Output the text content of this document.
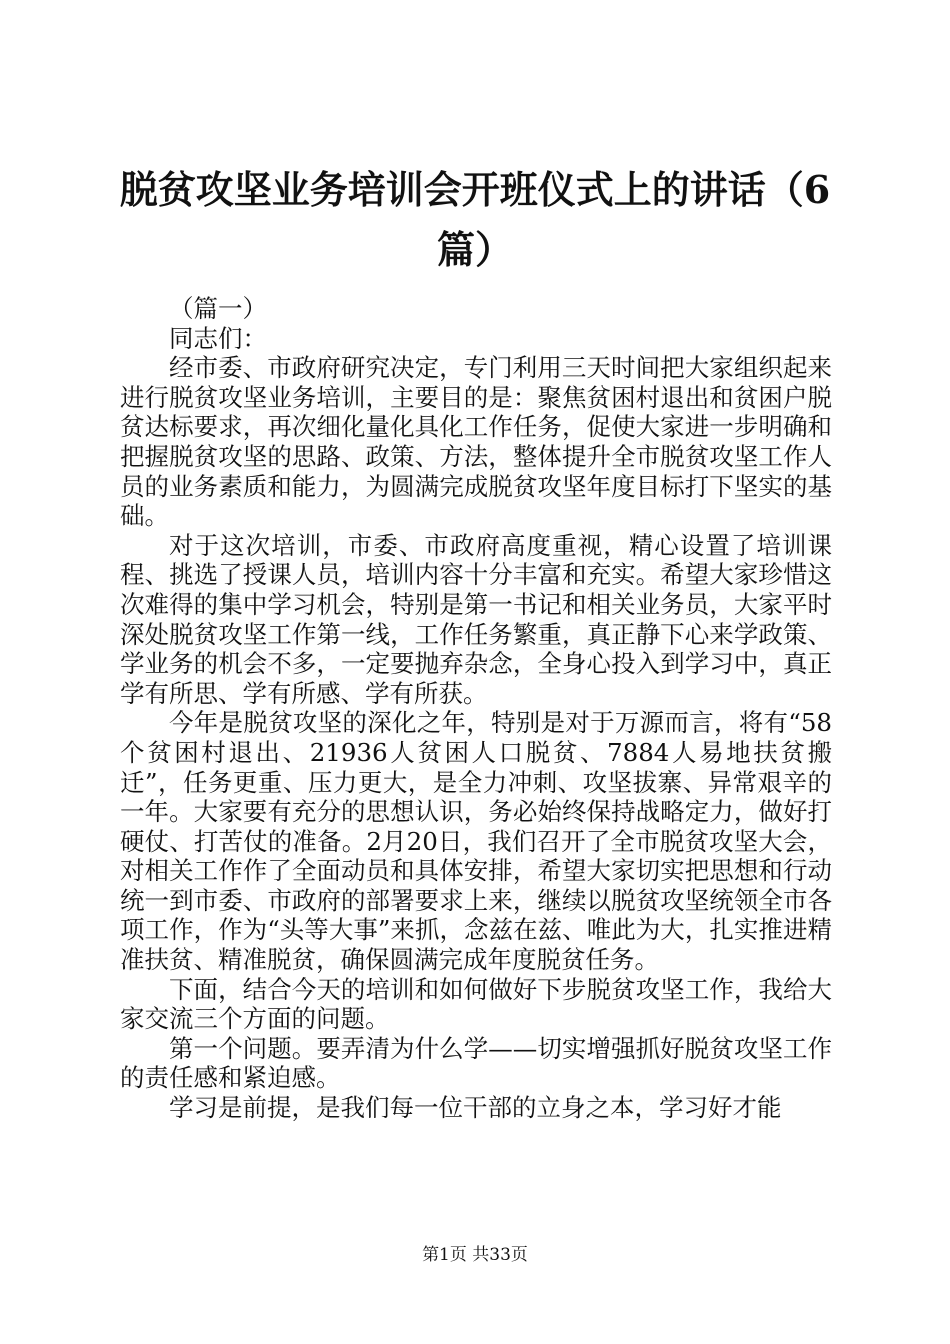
脱贫攻坚业务培训会开班仪式上的讲话（6篇）

（篇一）

同志们：

经市委、市政府研究决定，专门利用三天时间把大家组织起来进行脱贫攻坚业务培训，主要目的是：聚焦贫困村退出和贫困户脱贫达标要求，再次细化量化具化工作任务，促使大家进一步明确和把握脱贫攻坚的思路、政策、方法，整体提升全市脱贫攻坚工作人员的业务素质和能力，为圆满完成脱贫攻坚年度目标打下坚实的基础。

对于这次培训，市委、市政府高度重视，精心设置了培训课程、挑选了授课人员，培训内容十分丰富和充实。希望大家珍惜这次难得的集中学习机会，特别是第一书记和相关业务员，大家平时深处脱贫攻坚工作第一线，工作任务繁重，真正静下心来学政策、学业务的机会不多，一定要抛弃杂念，全身心投入到学习中，真正学有所思、学有所感、学有所获。

今年是脱贫攻坚的深化之年，特别是对于万源而言，将有“58个贫困村退出、21936人贫困人口脱贫、7884人易地扶贫搬迁”，任务更重、压力更大，是全力冲刺、攻坚拔寨、异常艰辛的一年。大家要有充分的思想认识，务必始终保持战略定力，做好打硬仗、打苦仗的准备。2月20日，我们召开了全市脱贫攻坚大会，对相关工作作了全面动员和具体安排，希望大家切实把思想和行动统一到市委、市政府的部署要求上来，继续以脱贫攻坚统领全市各项工作，作为“头等大事”来抓，念兹在兹、唯此为大，扎实推进精准扶贫、精准脱贫，确保圆满完成年度脱贫任务。

下面，结合今天的培训和如何做好下步脱贫攻坚工作，我给大家交流三个方面的问题。

第一个问题。要弄清为什么学——切实增强抓好脱贫攻坚工作的责任感和紧迫感。

学习是前提，是我们每一位干部的立身之本，学习好才能

第1页 共33页
